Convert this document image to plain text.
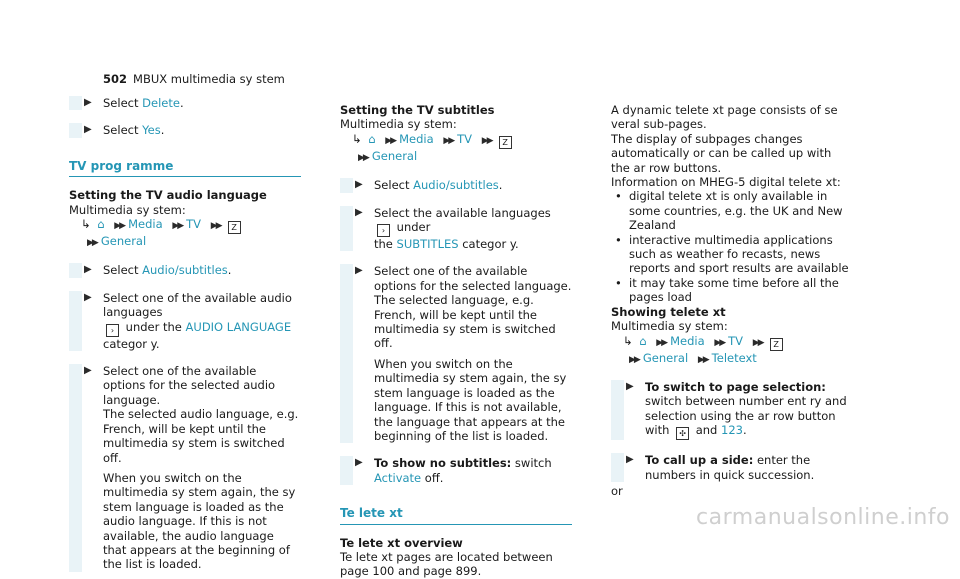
502 MBUX multimedia sy stem
▶ Select Delete.
▶ Select Yes.
TV prog ramme
Setting the TV audio language

Multimedia sy stem:

↳ ⌂ ▶▶ Media ▶▶ TV ▶▶ Z
▶▶ General

▶ Select Audio/subtitles.
▶ Select one of the available audio languages
› under the AUDIO LANGUAGE categor y.
▶ Select one of the available options for the selected audio language.

The selected audio language, e.g. French, will be kept until the multimedia sy stem is switched off.

When you switch on the multimedia sy stem again, the sy stem language is loaded as the audio language. If this is not available, the audio language that appears at the beginning of the list is loaded.

Setting the TV subtitles

Multimedia sy stem:

↳ ⌂ ▶▶ Media ▶▶ TV ▶▶ Z
▶▶ General

▶ Select Audio/subtitles.
▶ Select the available languages › under
the SUBTITLES categor y.
▶ Select one of the available options for the selected language.

The selected language, e.g. French, will be kept until the multimedia sy stem is switched off.

When you switch on the multimedia sy stem again, the sy stem language is loaded as the language. If this is not available, the language that appears at the beginning of the list is loaded.

▶ To show no subtitles: switch Activate off.
Te lete xt
Te lete xt overview

Te lete xt pages are located between page 100 and page 899.

A dynamic telete xt page consists of se veral sub-pages.

The display of subpages changes automatically or can be called up with the ar row buttons.

Information on MHEG-5 digital telete xt:

• digital telete xt is only available in some countries, e.g. the UK and New Zealand
• interactive multimedia applications such as weather fo recasts, news reports and sport results are available
• it may take some time before all the pages load
Showing telete xt

Multimedia sy stem:

↳ ⌂ ▶▶ Media ▶▶ TV ▶▶ Z
▶▶ General ▶▶ Teletext

▶ To switch to page selection: switch between number ent ry and selection using the ar row button with ✣ and 123.
▶ To call up a side: enter the numbers in quick succession.

or

carmanualsonline.info
